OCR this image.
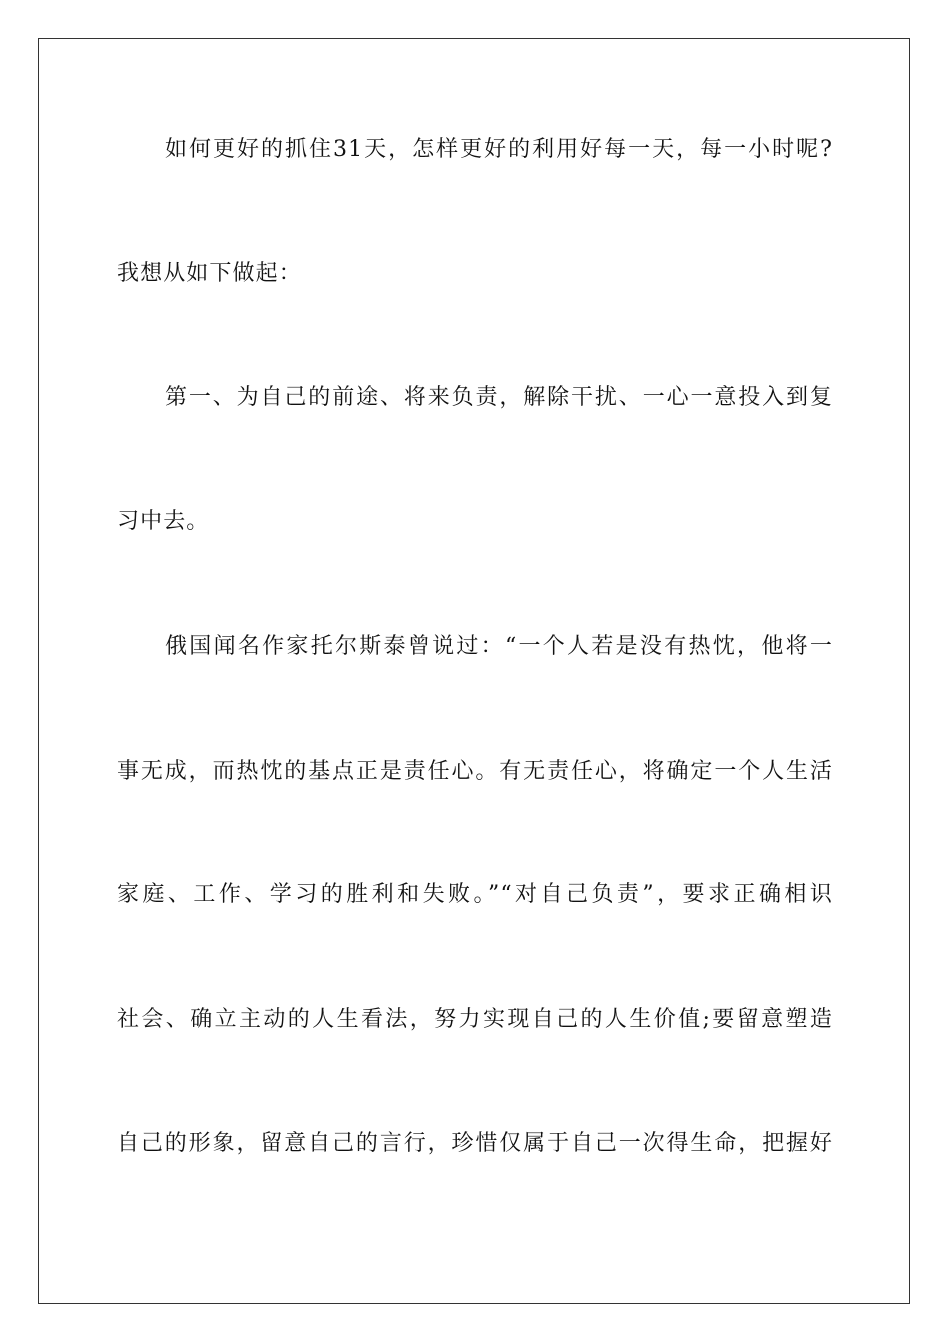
如何更好的抓住31天，怎样更好的利用好每一天，每一小时呢?
我想从如下做起：
第一、为自己的前途、将来负责，解除干扰、一心一意投入到复
习中去。
俄国闻名作家托尔斯泰曾说过：“一个人若是没有热忱，他将一
事无成，而热忱的基点正是责任心。有无责任心，将确定一个人生活
家庭、工作、学习的胜利和失败。”“对自己负责”，要求正确相识
社会、确立主动的人生看法，努力实现自己的人生价值;要留意塑造
自己的形象，留意自己的言行，珍惜仅属于自己一次得生命，把握好
